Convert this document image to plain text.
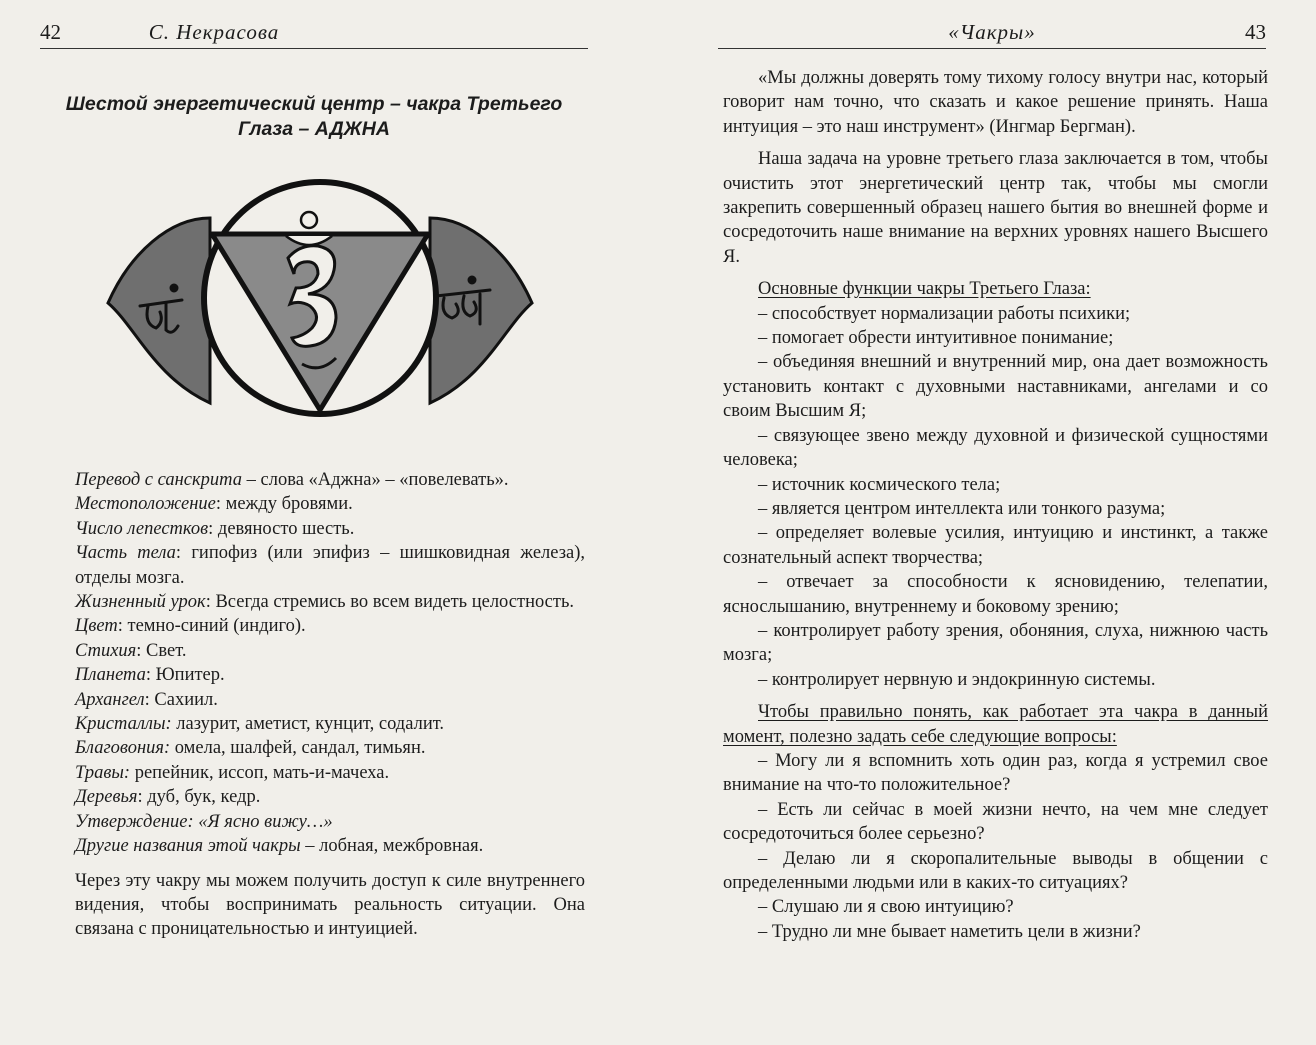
42	С. Некрасова
Шестой энергетический центр – чакра Третьего
Глаза – АДЖНА

Перевод с санскрита – слова «Аджна» – «повелевать».

Местоположение: между бровями.

Число лепестков: девяносто шесть.

Часть тела: гипофиз (или эпифиз – шишковидная железа), отделы мозга.

Жизненный урок: Всегда стремись во всем видеть целостность.

Цвет: темно-синий (индиго).

Стихия: Свет.

Планета: Юпитер.

Архангел: Сахиил.

Кристаллы: лазурит, аметист, кунцит, содалит.

Благовония: омела, шалфей, сандал, тимьян.

Травы: репейник, иссоп, мать-и-мачеха.

Деревья: дуб, бук, кедр.

Утверждение: «Я ясно вижу…»

Другие названия этой чакры – лобная, межбровная.

Через эту чакру мы можем получить доступ к силе внутреннего видения, чтобы воспринимать реальность ситуации. Она связана с проницательностью и интуицией.

«Чакры»	43

«Мы должны доверять тому тихому голосу внутри нас, который говорит нам точно, что сказать и какое решение принять. Наша интуиция – это наш инструмент» (Ингмар Бергман).

Наша задача на уровне третьего глаза заключается в том, чтобы очистить этот энергетический центр так, чтобы мы смогли закрепить совершенный образец нашего бытия во внешней форме и сосредоточить наше внимание на верхних уровнях нашего Высшего Я.

Основные функции чакры Третьего Глаза:

– способствует нормализации работы психики;
– помогает обрести интуитивное понимание;
– объединяя внешний и внутренний мир, она дает возможность установить контакт с духовными наставниками, ангелами и со своим Высшим Я;
– связующее звено между духовной и физической сущностями человека;
– источник космического тела;
– является центром интеллекта или тонкого разума;
– определяет волевые усилия, интуицию и инстинкт, а также сознательный аспект творчества;
– отвечает за способности к ясновидению, телепатии, яснослышанию, внутреннему и боковому зрению;
– контролирует работу зрения, обоняния, слуха, нижнюю часть мозга;
– контролирует нервную и эндокринную системы.

Чтобы правильно понять, как работает эта чакра в данный момент, полезно задать себе следующие вопросы:

– Могу ли я вспомнить хоть один раз, когда я устремил свое внимание на что-то положительное?
– Есть ли сейчас в моей жизни нечто, на чем мне следует сосредоточиться более серьезно?
– Делаю ли я скоропалительные выводы в общении с определенными людьми или в каких-то ситуациях?
– Слушаю ли я свою интуицию?
– Трудно ли мне бывает наметить цели в жизни?
